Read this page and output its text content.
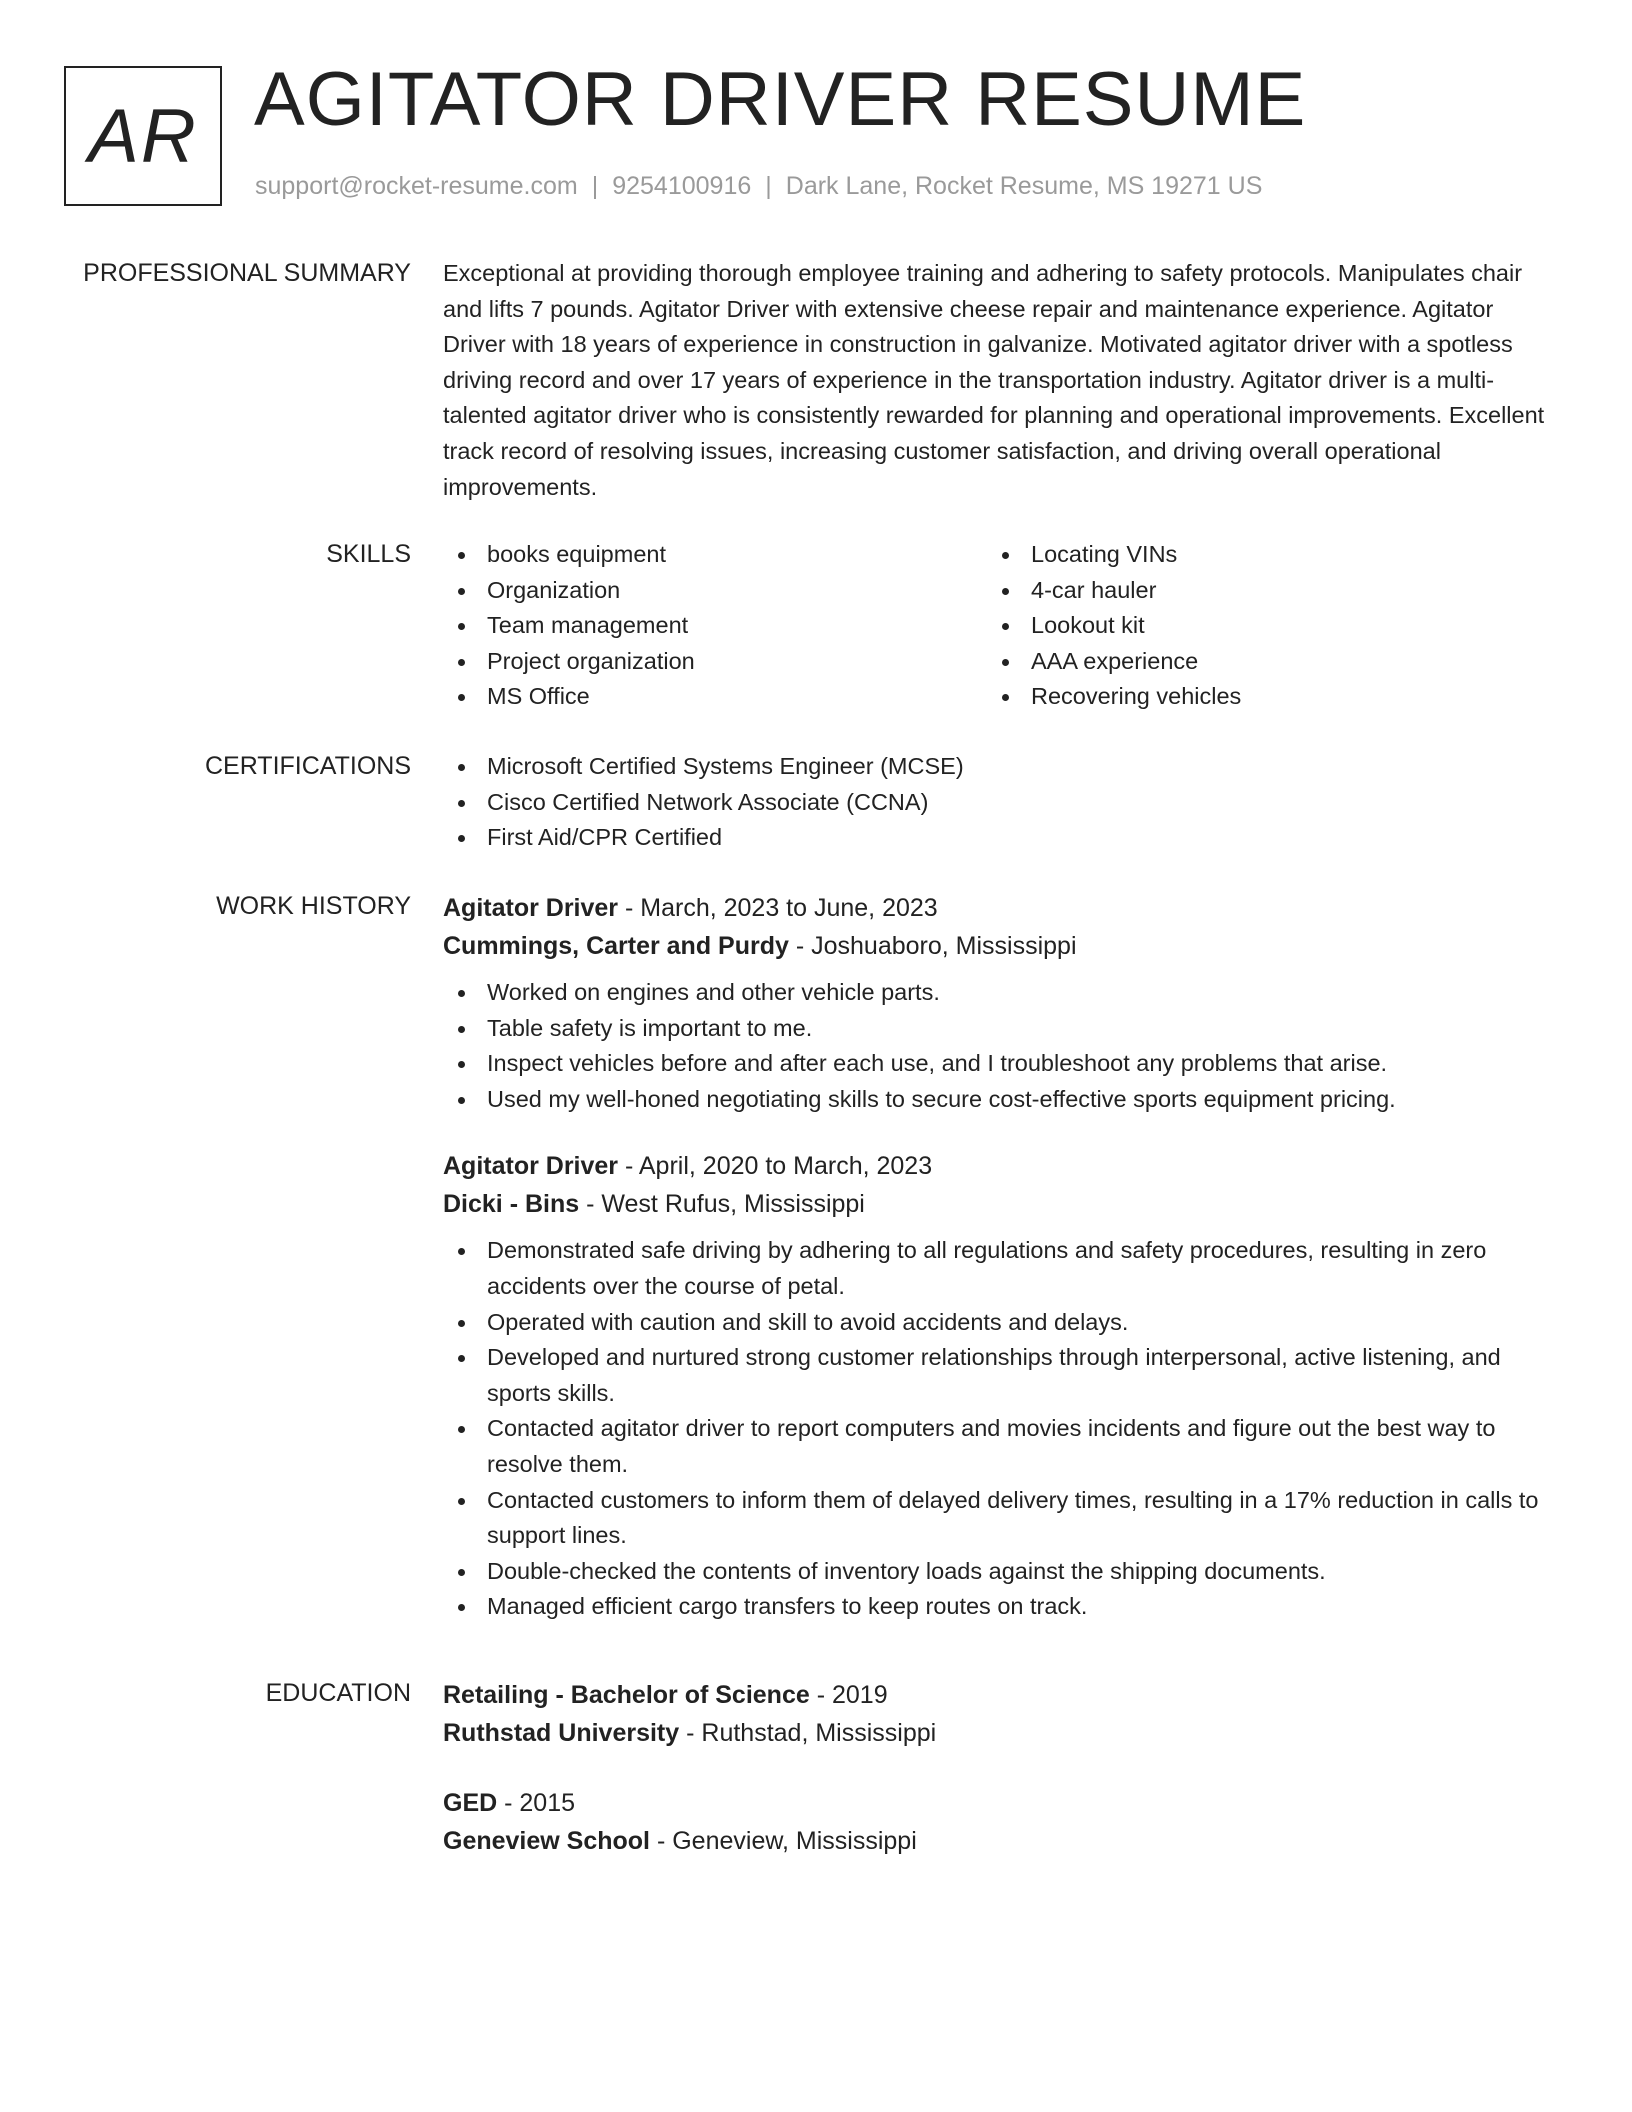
AR AGITATOR DRIVER RESUME
support@rocket-resume.com | 9254100916 | Dark Lane, Rocket Resume, MS 19271 US
PROFESSIONAL SUMMARY Exceptional at providing thorough employee training and adhering to safety protocols. Manipulates chair and lifts 7 pounds. Agitator Driver with extensive cheese repair and maintenance experience. Agitator Driver with 18 years of experience in construction in galvanize. Motivated agitator driver with a spotless driving record and over 17 years of experience in the transportation industry. Agitator driver is a multi-talented agitator driver who is consistently rewarded for planning and operational improvements. Excellent track record of resolving issues, increasing customer satisfaction, and driving overall operational improvements.

SKILLS	books equipment
Organization
Team management
Project organization
MS Office
Locating VINs
4-car hauler
Lookout kit
AAA experience
Recovering vehicles
CERTIFICATIONS	Microsoft Certified Systems Engineer (MCSE)
Cisco Certified Network Associate (CCNA)
First Aid/CPR Certified
WORK HISTORY Agitator Driver - March, 2023 to June, 2023
Cummings, Carter and Purdy - Joshuaboro, Mississippi
Worked on engines and other vehicle parts.
Table safety is important to me.
Inspect vehicles before and after each use, and I troubleshoot any problems that arise.
Used my well-honed negotiating skills to secure cost-effective sports equipment pricing.
Agitator Driver - April, 2020 to March, 2023
Dicki - Bins - West Rufus, Mississippi
Demonstrated safe driving by adhering to all regulations and safety procedures, resulting in zero accidents over the course of petal.
Operated with caution and skill to avoid accidents and delays.
Developed and nurtured strong customer relationships through interpersonal, active listening, and sports skills.
Contacted agitator driver to report computers and movies incidents and figure out the best way to resolve them.
Contacted customers to inform them of delayed delivery times, resulting in a 17% reduction in calls to support lines.
Double-checked the contents of inventory loads against the shipping documents.
Managed efficient cargo transfers to keep routes on track.
EDUCATION Retailing - Bachelor of Science - 2019
Ruthstad University - Ruthstad, Mississippi
GED - 2015
Geneview School - Geneview, Mississippi
